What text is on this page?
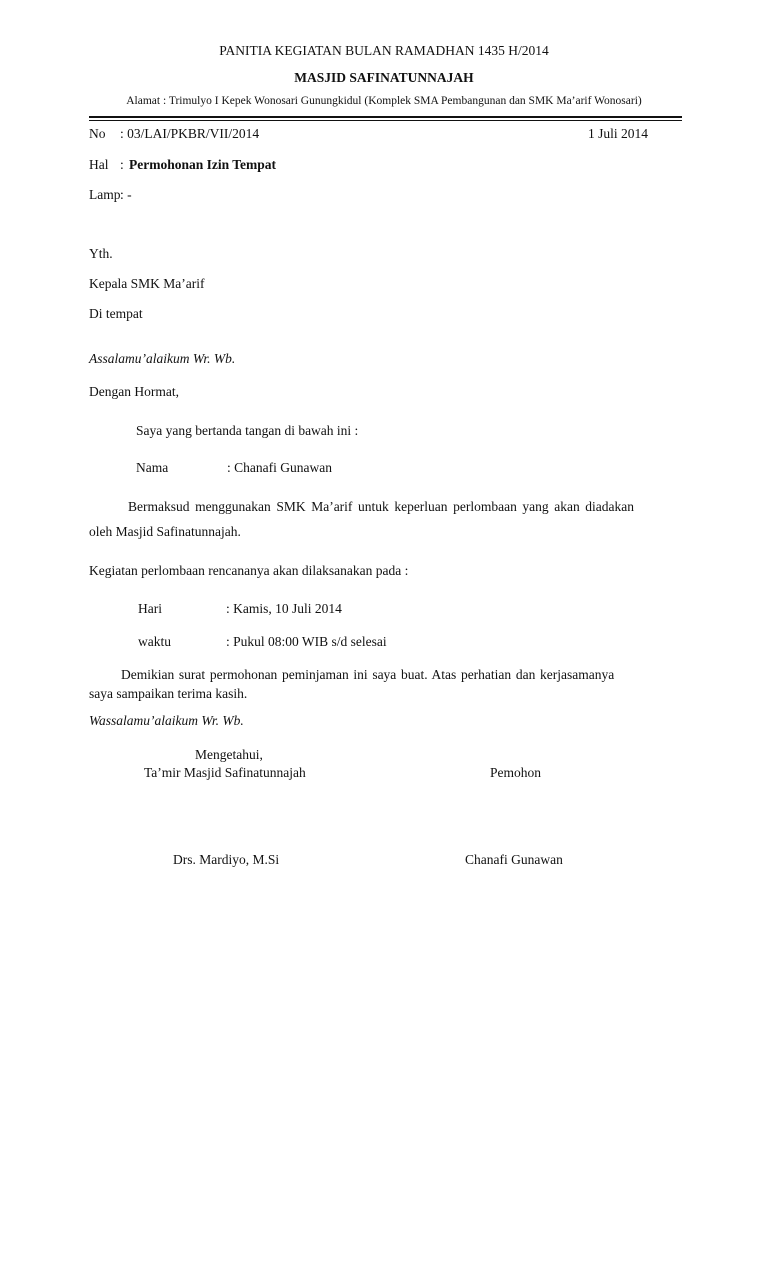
PANITIA KEGIATAN BULAN RAMADHAN 1435 H/2014
MASJID SAFINATUNNAJAH
Alamat : Trimulyo I Kepek Wonosari Gunungkidul (Komplek SMA Pembangunan dan SMK Ma’arif Wonosari)
No : 03/LAI/PKBR/VII/2014	1 Juli 2014
Hal : Permohonan Izin Tempat
Lamp : -
Yth.
Kepala SMK Ma’arif
Di tempat
Assalamu’alaikum Wr. Wb.
Dengan Hormat,
Saya yang bertanda tangan di bawah ini :
Nama	: Chanafi Gunawan
Bermaksud menggunakan SMK Ma’arif untuk keperluan perlombaan yang akan diadakan
oleh Masjid Safinatunnajah.
Kegiatan perlombaan rencananya akan dilaksanakan pada :
Hari	: Kamis, 10 Juli 2014
waktu	: Pukul 08:00 WIB s/d selesai
Demikian surat permohonan peminjaman ini saya buat. Atas perhatian dan kerjasamanya
saya sampaikan terima kasih.
Wassalamu’alaikum Wr. Wb.
Mengetahui,
Ta’mir Masjid Safinatunnajah	Pemohon
Drs. Mardiyo, M.Si	Chanafi Gunawan
